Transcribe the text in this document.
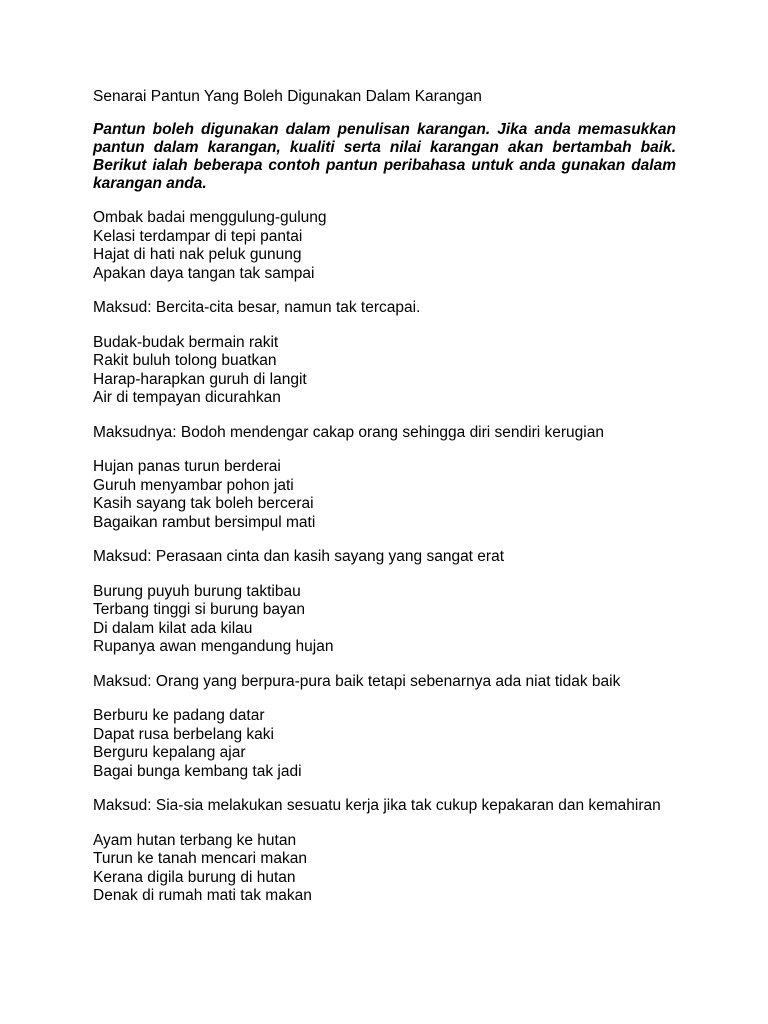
Senarai Pantun Yang Boleh Digunakan Dalam Karangan

Pantun boleh digunakan dalam penulisan karangan. Jika anda memasukkan pantun dalam karangan, kualiti serta nilai karangan akan bertambah baik. Berikut ialah beberapa contoh pantun peribahasa untuk anda gunakan dalam karangan anda.
Ombak badai menggulung-gulung
Kelasi terdampar di tepi pantai
Hajat di hati nak peluk gunung
Apakan daya tangan tak sampai
Maksud: Bercita-cita besar, namun tak tercapai.
Budak-budak bermain rakit
Rakit buluh tolong buatkan
Harap-harapkan guruh di langit
Air di tempayan dicurahkan
Maksudnya: Bodoh mendengar cakap orang sehingga diri sendiri kerugian
Hujan panas turun berderai
Guruh menyambar pohon jati
Kasih sayang tak boleh bercerai
Bagaikan rambut bersimpul mati
Maksud: Perasaan cinta dan kasih sayang yang sangat erat
Burung puyuh burung taktibau
Terbang tinggi si burung bayan
Di dalam kilat ada kilau
Rupanya awan mengandung hujan
Maksud: Orang yang berpura-pura baik tetapi sebenarnya ada niat tidak baik
Berburu ke padang datar
Dapat rusa berbelang kaki
Berguru kepalang ajar
Bagai bunga kembang tak jadi
Maksud: Sia-sia melakukan sesuatu kerja jika tak cukup kepakaran dan kemahiran
Ayam hutan terbang ke hutan
Turun ke tanah mencari makan
Kerana digila burung di hutan
Denak di rumah mati tak makan
